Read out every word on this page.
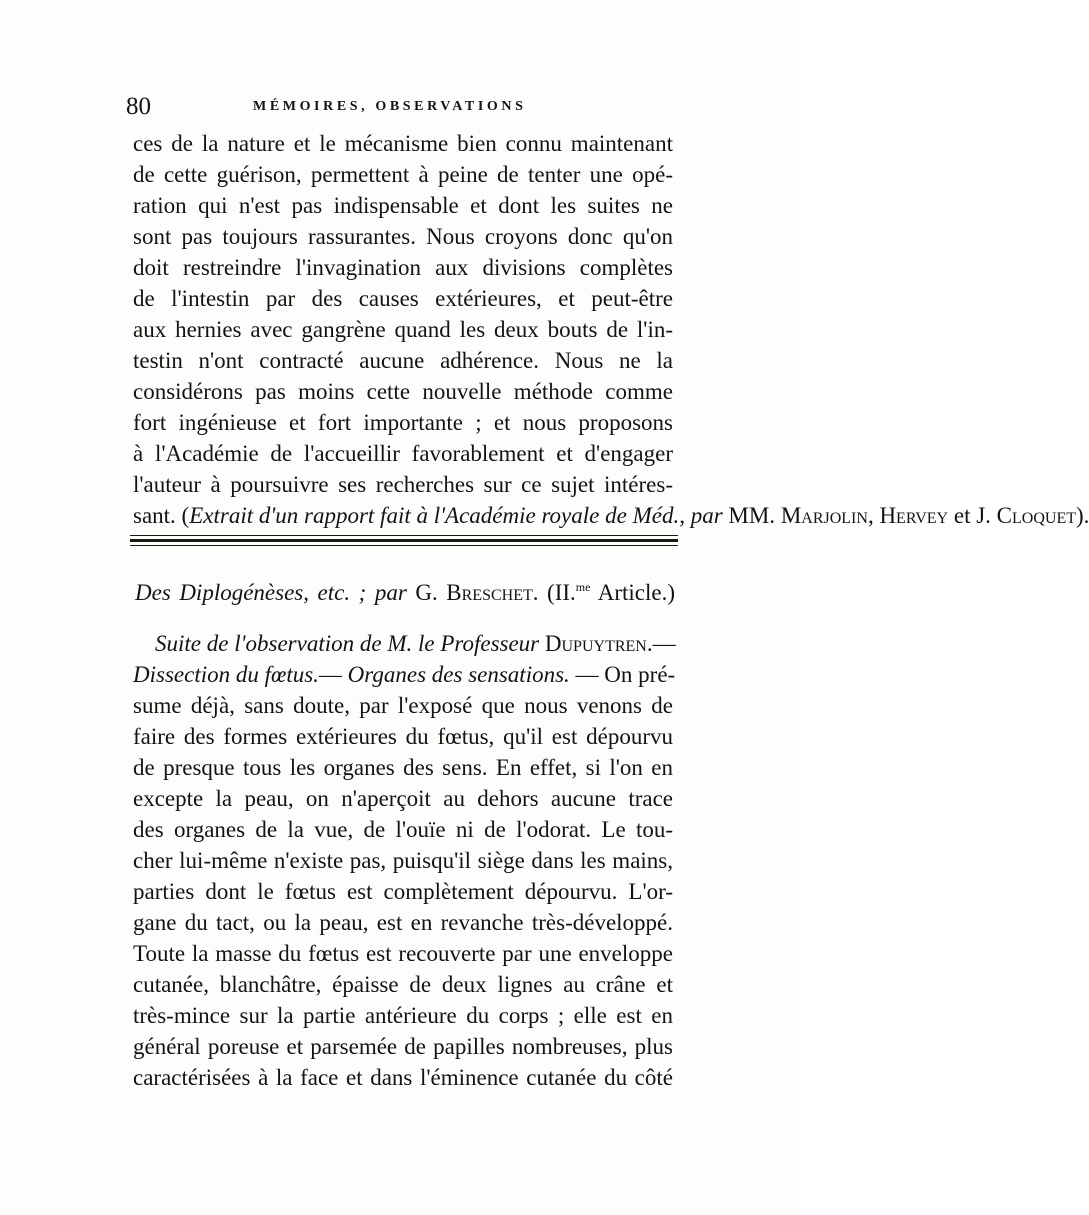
80	MÉMOIRES, OBSERVATIONS
ces de la nature et le mécanisme bien connu maintenant
de cette guérison, permettent à peine de tenter une opé-
ration qui n'est pas indispensable et dont les suites ne
sont pas toujours rassurantes. Nous croyons donc qu'on
doit restreindre l'invagination aux divisions complètes
de l'intestin par des causes extérieures, et peut-être
aux hernies avec gangrène quand les deux bouts de l'in-
testin n'ont contracté aucune adhérence. Nous ne la
considérons pas moins cette nouvelle méthode comme
fort ingénieuse et fort importante ; et nous proposons
à l'Académie de l'accueillir favorablement et d'engager
l'auteur à poursuivre ses recherches sur ce sujet intéres-
sant. (Extrait d'un rapport fait à l'Académie royale de Méd., par MM. Marjolin, Hervey et J. Cloquet).
Des Diplogénèses, etc. ; par G. Breschet. (II.$^{me}$ Article.)
Suite de l'observation de M. le Professeur Dupuytren.—
Dissection du fœtus.— Organes des sensations. — On pré-
sume déjà, sans doute, par l'exposé que nous venons de
faire des formes extérieures du fœtus, qu'il est dépourvu
de presque tous les organes des sens. En effet, si l'on en
excepte la peau, on n'aperçoit au dehors aucune trace
des organes de la vue, de l'ouïe ni de l'odorat. Le tou-
cher lui-même n'existe pas, puisqu'il siège dans les mains,
parties dont le fœtus est complètement dépourvu. L'or-
gane du tact, ou la peau, est en revanche très-développé.
Toute la masse du fœtus est recouverte par une enveloppe
cutanée, blanchâtre, épaisse de deux lignes au crâne et
très-mince sur la partie antérieure du corps ; elle est en
général poreuse et parsemée de papilles nombreuses, plus
caractérisées à la face et dans l'éminence cutanée du côté
